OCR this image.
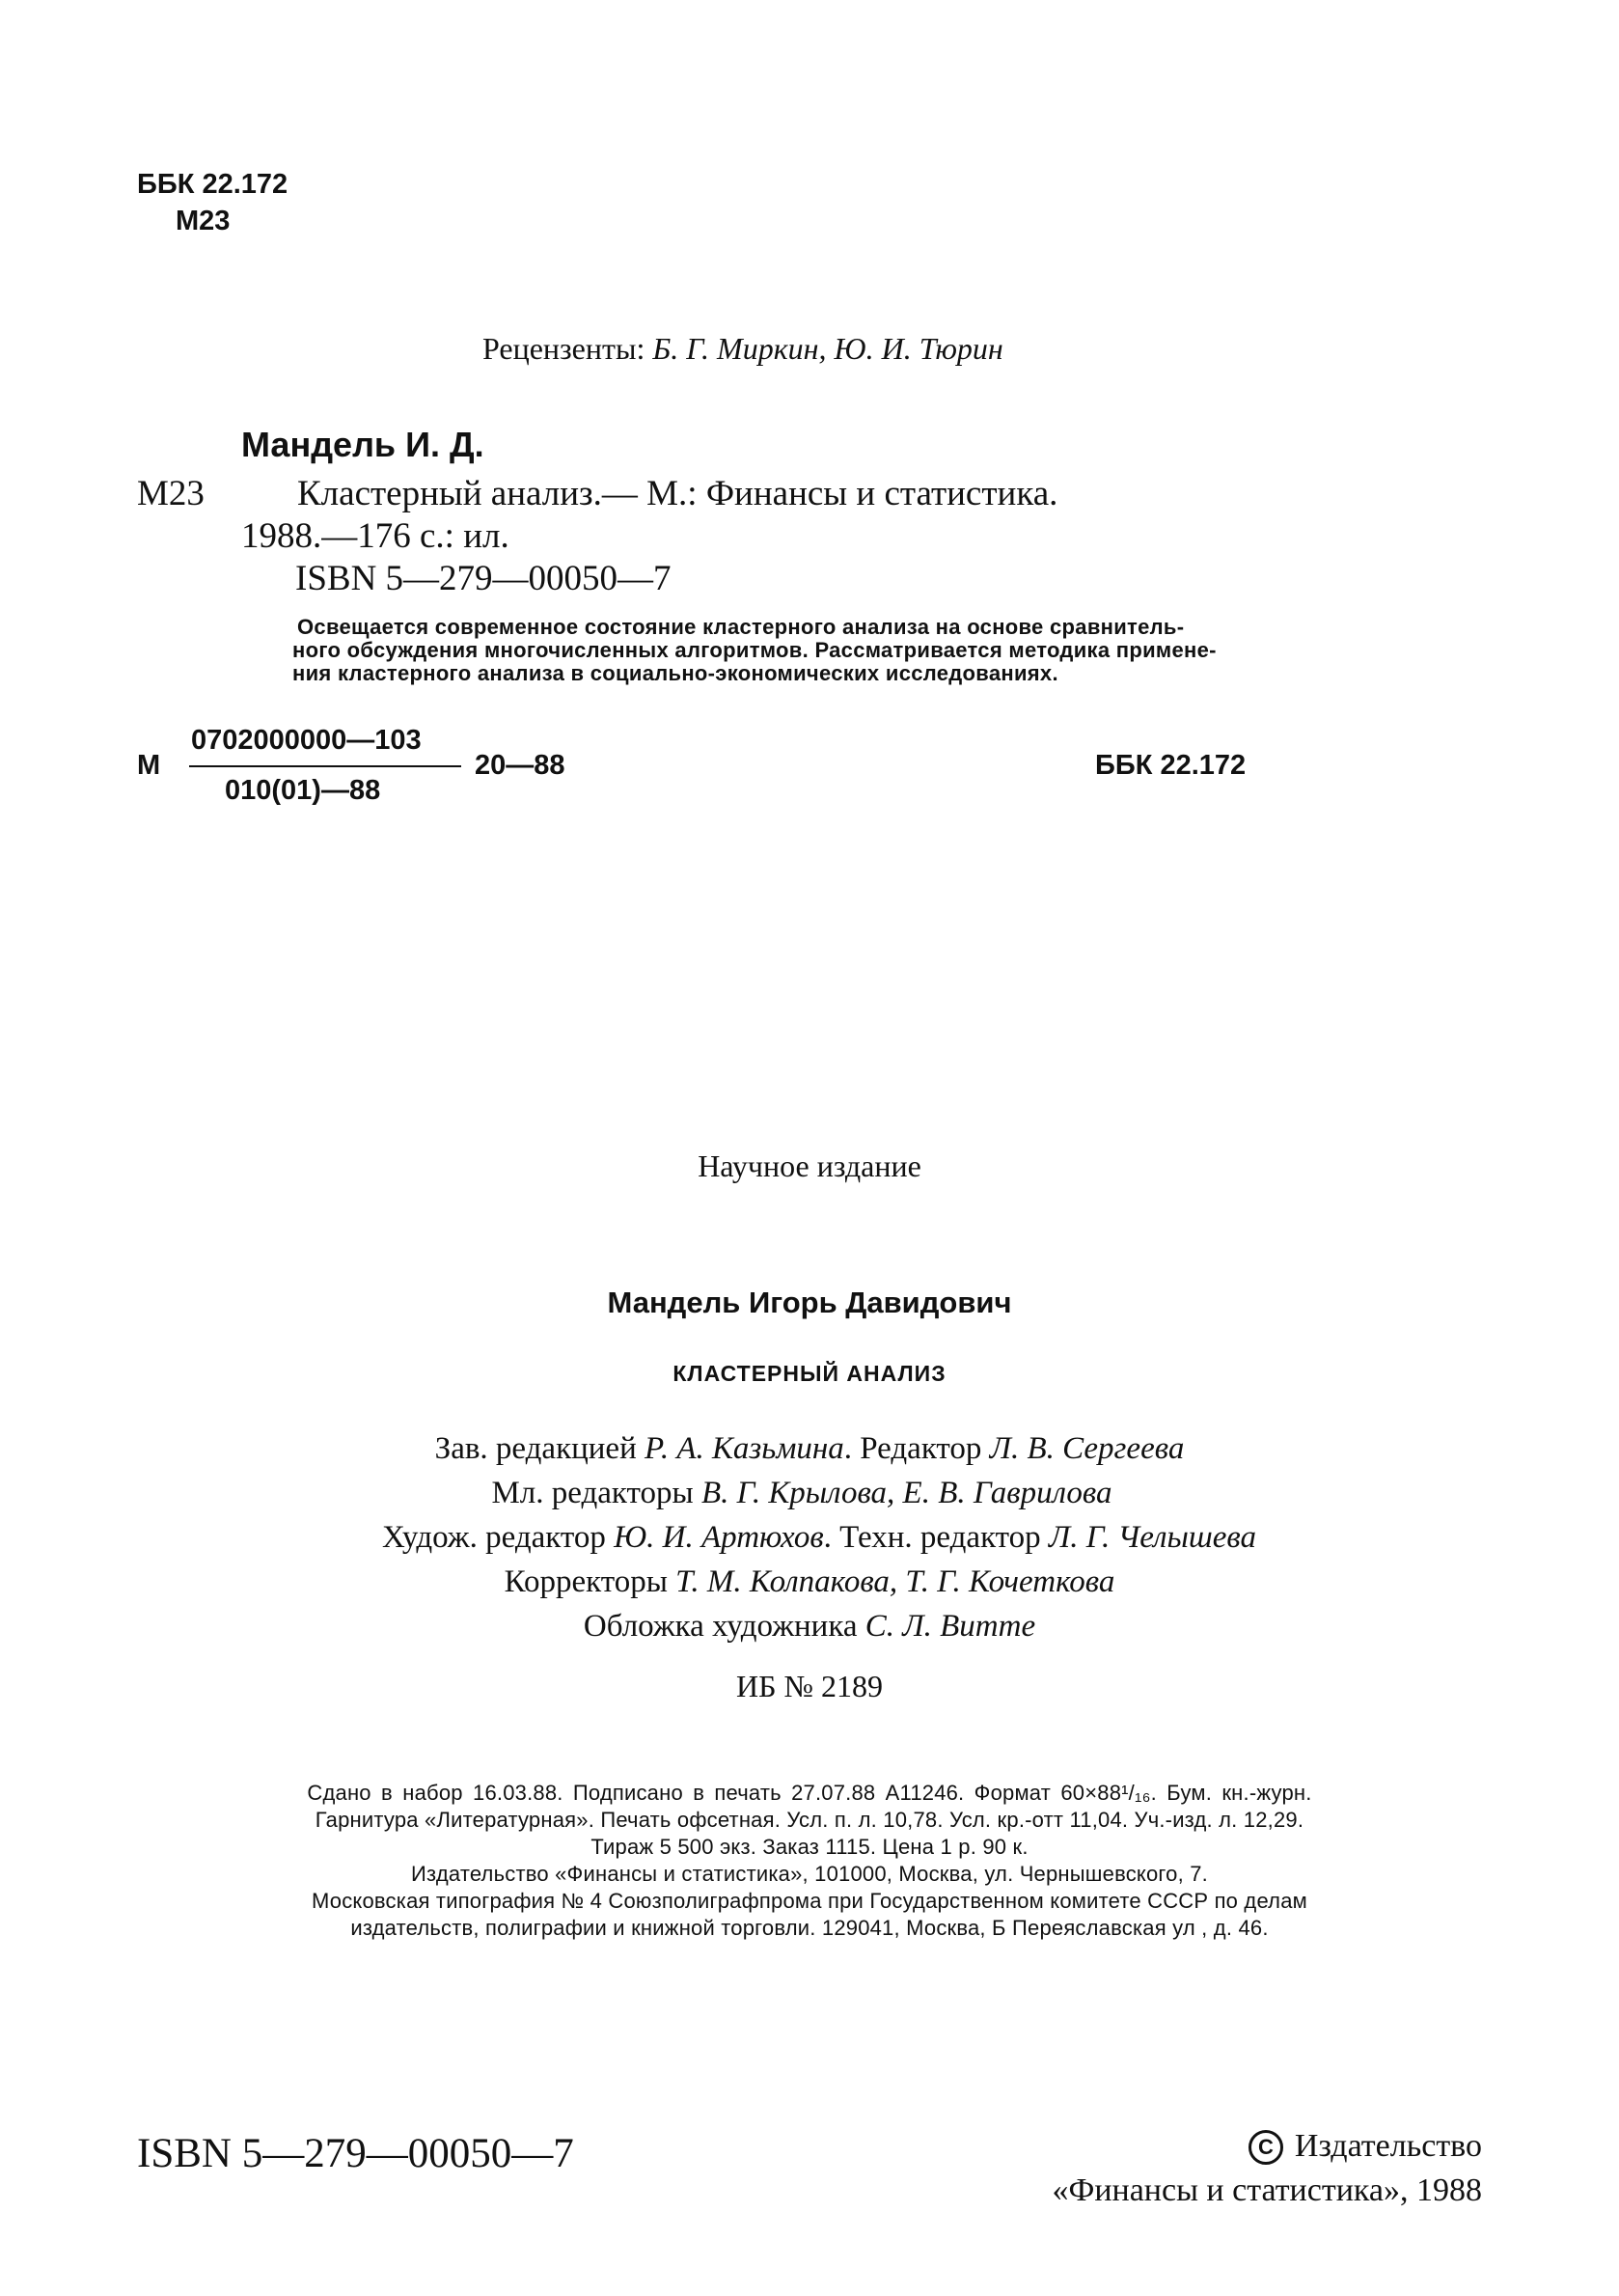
ББК 22.172
М23
Рецензенты: Б. Г. Миркин, Ю. И. Тюрин
Мандель И. Д.
М23	Кластерный анализ.— М.: Финансы и статистика.
1988.—176 с.: ил.
ISBN 5—279—00050—7
Освещается современное состояние кластерного анализа на основе сравнитель-
ного обсуждения многочисленных алгоритмов. Рассматривается методика примене-
ния кластерного анализа в социально-экономических исследованиях.
М
0702000000—103
010(01)—88
20—88	ББК 22.172
Научное издание
Мандель Игорь Давидович
КЛАСТЕРНЫЙ АНАЛИЗ
Зав. редакцией Р. А. Казьмина. Редактор Л. В. Сергеева
Мл. редакторы В. Г. Крылова, Е. В. Гаврилова
Худож. редактор Ю. И. Артюхов. Техн. редактор Л. Г. Челышева
Корректоры Т. М. Колпакова, Т. Г. Кочеткова
Обложка художника С. Л. Витте
ИБ № 2189
Сдано в набор 16.03.88. Подписано в печать 27.07.88 А11246. Формат 60×88¹/₁₆. Бум. кн.-журн.
Гарнитура «Литературная». Печать офсетная. Усл. п. л. 10,78. Усл. кр.-отт 11,04. Уч.-изд. л. 12,29.
Тираж 5 500 экз. Заказ 1115. Цена 1 р. 90 к.
Издательство «Финансы и статистика», 101000, Москва, ул. Чернышевского, 7.
Московская типография № 4 Союзполиграфпрома при Государственном комитете СССР по делам
издательств, полиграфии и книжной торговли. 129041, Москва, Б Переяславская ул , д. 46.
ISBN 5—279—00050—7	C Издательство
«Финансы и статистика», 1988
